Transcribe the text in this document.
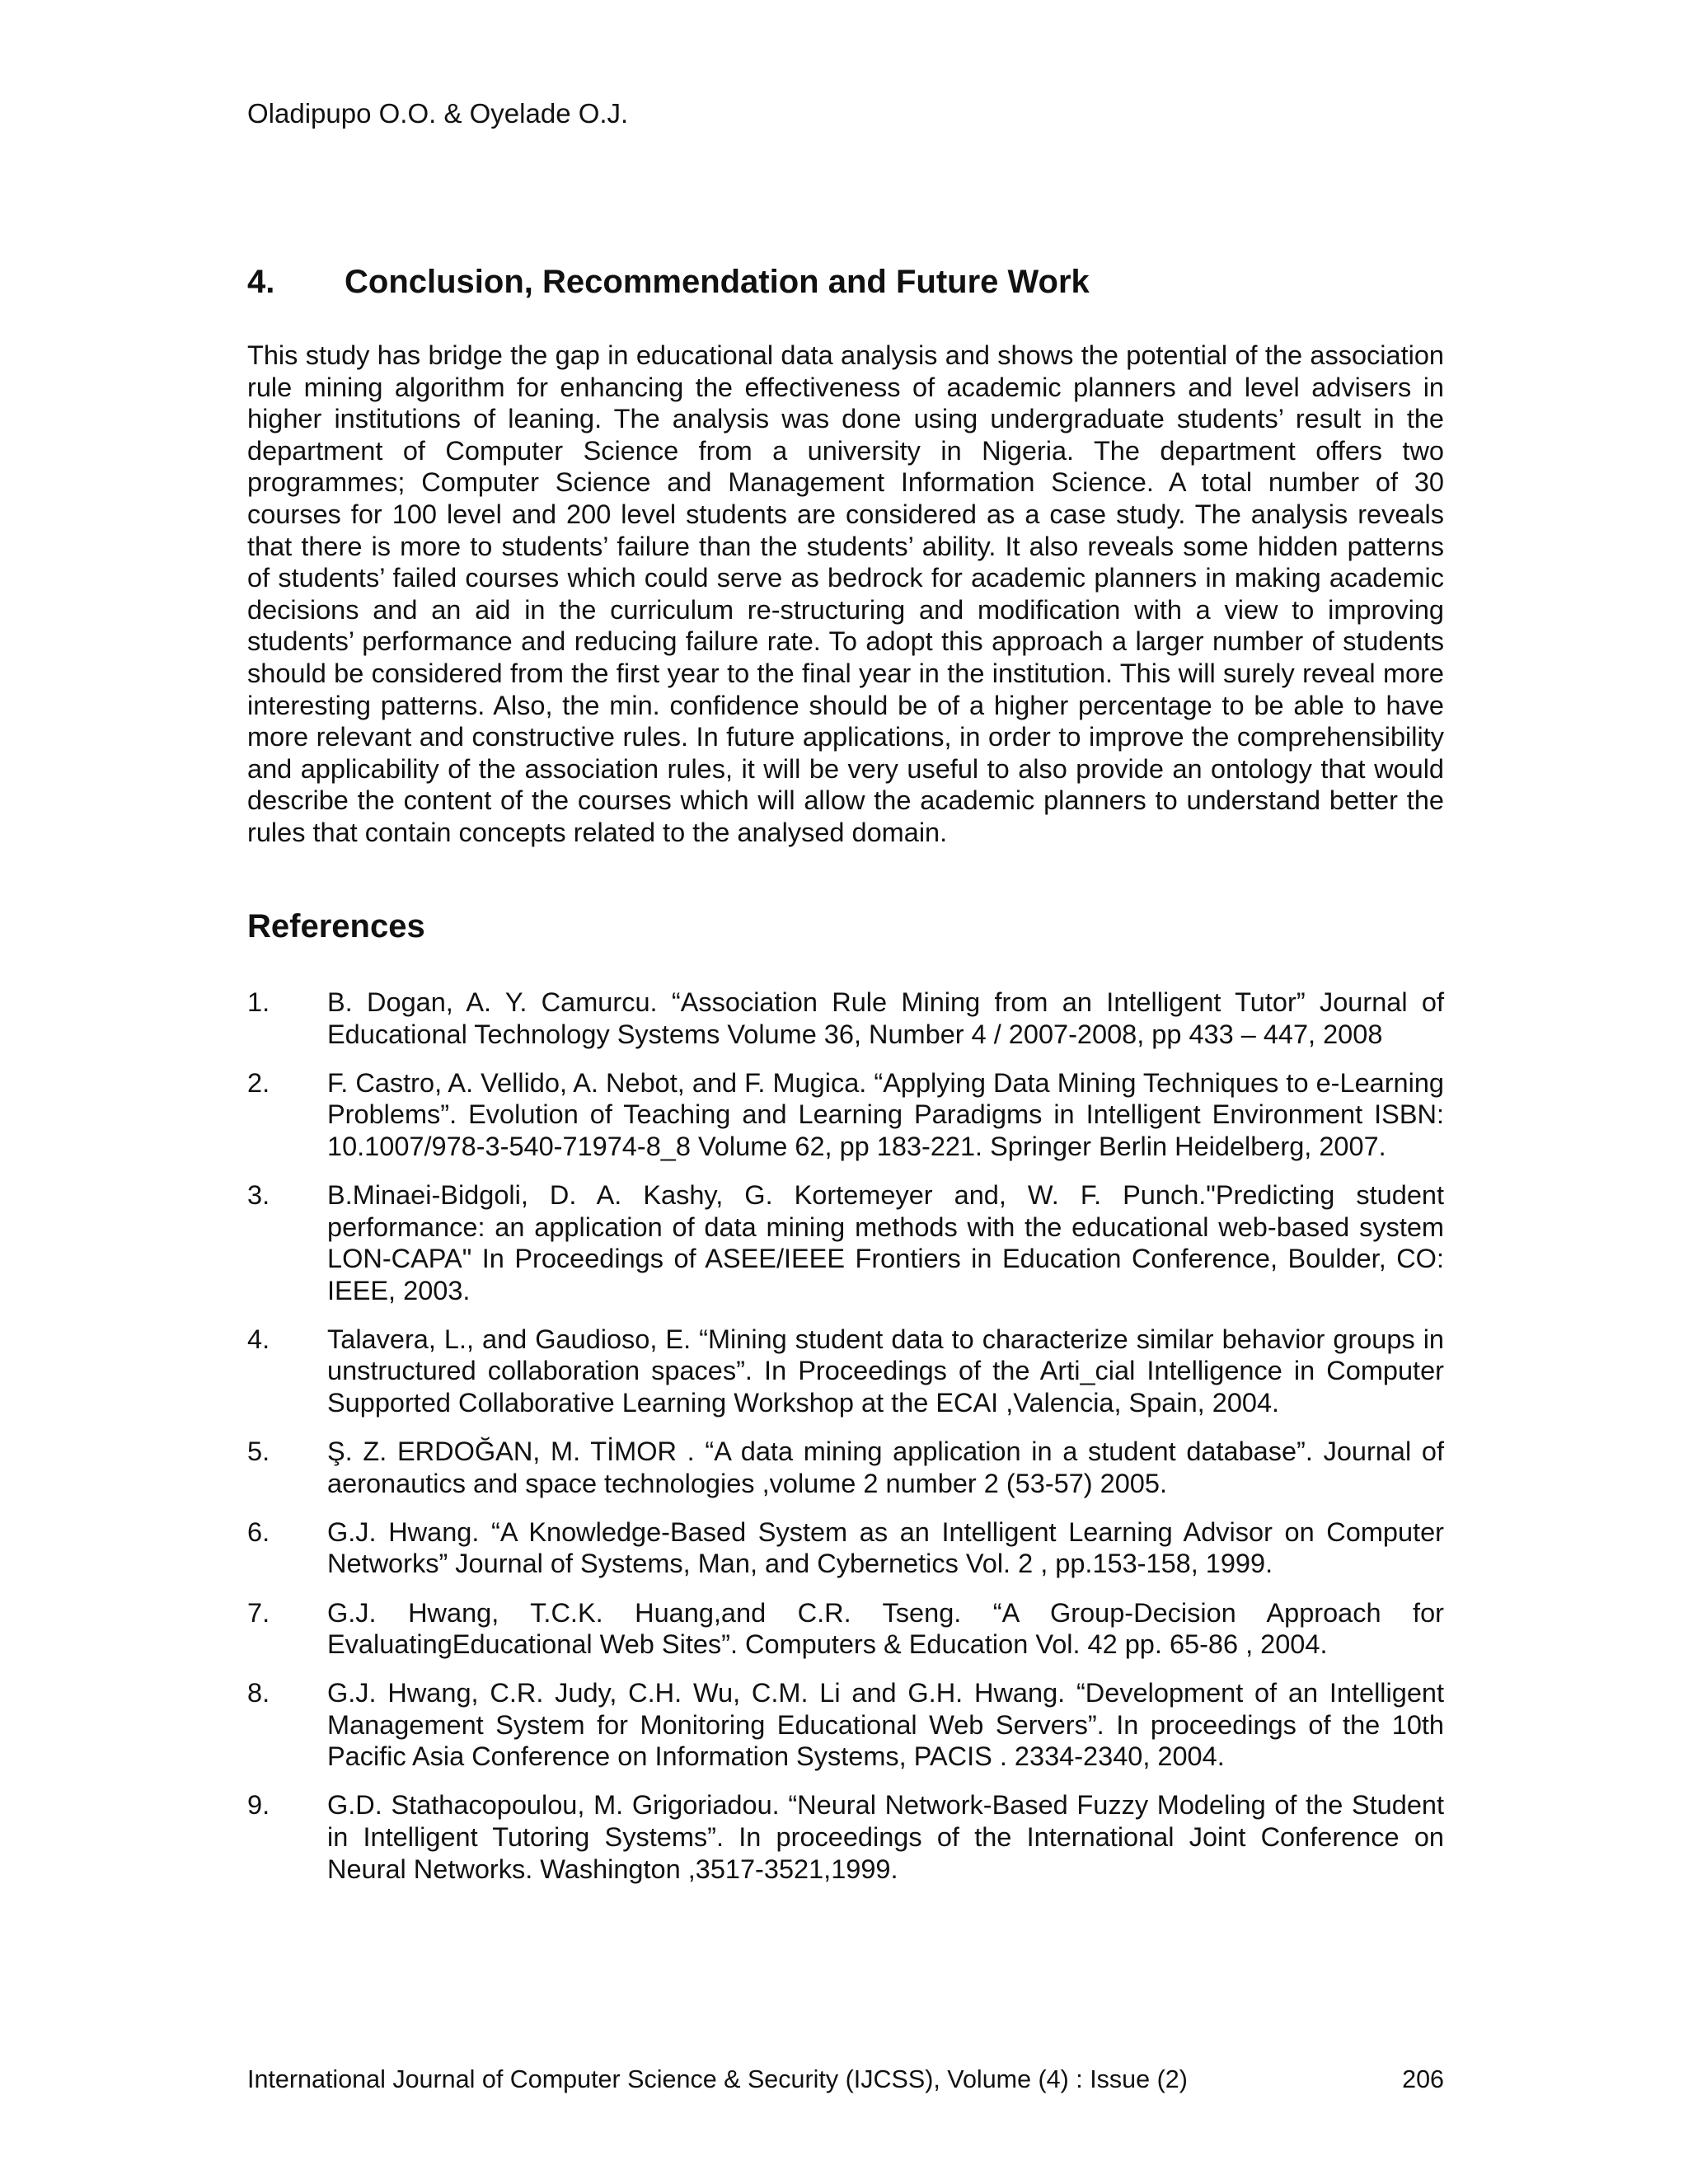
Oladipupo O.O. & Oyelade O.J.
4.	Conclusion, Recommendation and Future Work

This study has bridge the gap in educational data analysis and shows the potential of the association rule mining algorithm for enhancing the effectiveness of academic planners and level advisers in higher institutions of leaning. The analysis was done using undergraduate students’ result in the department of Computer Science from a university in Nigeria. The department offers two programmes; Computer Science and Management Information Science. A total number of 30 courses for 100 level and 200 level students are considered as a case study. The analysis reveals that there is more to students’ failure than the students’ ability. It also reveals some hidden patterns of students’ failed courses which could serve as bedrock for academic planners in making academic decisions and an aid in the curriculum re-structuring and modification with a view to improving students’ performance and reducing failure rate. To adopt this approach a larger number of students should be considered from the first year to the final year in the institution. This will surely reveal more interesting patterns. Also, the min. confidence should be of a higher percentage to be able to have more relevant and constructive rules. In future applications, in order to improve the comprehensibility and applicability of the association rules, it will be very useful to also provide an ontology that would describe the content of the courses which will allow the academic planners to understand better the rules that contain concepts related to the analysed domain.

References
1.	B. Dogan, A. Y. Camurcu. “Association Rule Mining from an Intelligent Tutor” Journal of Educational Technology Systems Volume 36, Number 4 / 2007-2008, pp 433 – 447, 2008
2.	F. Castro, A. Vellido, A. Nebot, and F. Mugica. “Applying Data Mining Techniques to e-Learning Problems”. Evolution of Teaching and Learning Paradigms in Intelligent Environment ISBN: 10.1007/978-3-540-71974-8_8 Volume 62, pp 183-221. Springer Berlin Heidelberg, 2007.
3.	B.Minaei-Bidgoli, D. A. Kashy, G. Kortemeyer and, W. F. Punch."Predicting student performance: an application of data mining methods with the educational web-based system LON-CAPA" In Proceedings of ASEE/IEEE Frontiers in Education Conference, Boulder, CO: IEEE, 2003.
4.	Talavera, L., and Gaudioso, E. “Mining student data to characterize similar behavior groups in unstructured collaboration spaces”. In Proceedings of the Arti_cial Intelligence in Computer Supported Collaborative Learning Workshop at the ECAI ,Valencia, Spain, 2004.
5.	Ş. Z. ERDOĞAN, M. TİMOR . “A data mining application in a student database”. Journal of aeronautics and space technologies ,volume 2 number 2 (53-57) 2005.
6.	G.J. Hwang. “A Knowledge-Based System as an Intelligent Learning Advisor on Computer Networks” Journal of Systems, Man, and Cybernetics Vol. 2 , pp.153-158, 1999.
7.	G.J. Hwang, T.C.K. Huang,and C.R. Tseng. “A Group-Decision Approach for EvaluatingEducational Web Sites”. Computers & Education Vol. 42 pp. 65-86 , 2004.
8.	G.J. Hwang, C.R. Judy, C.H. Wu, C.M. Li and G.H. Hwang. “Development of an Intelligent Management System for Monitoring Educational Web Servers”. In proceedings of the 10th Pacific Asia Conference on Information Systems, PACIS . 2334-2340, 2004.
9.	G.D. Stathacopoulou, M. Grigoriadou. “Neural Network-Based Fuzzy Modeling of the Student in Intelligent Tutoring Systems”. In proceedings of the International Joint Conference on Neural Networks. Washington ,3517-3521,1999.
International Journal of Computer Science & Security (IJCSS), Volume (4) : Issue (2)	206
